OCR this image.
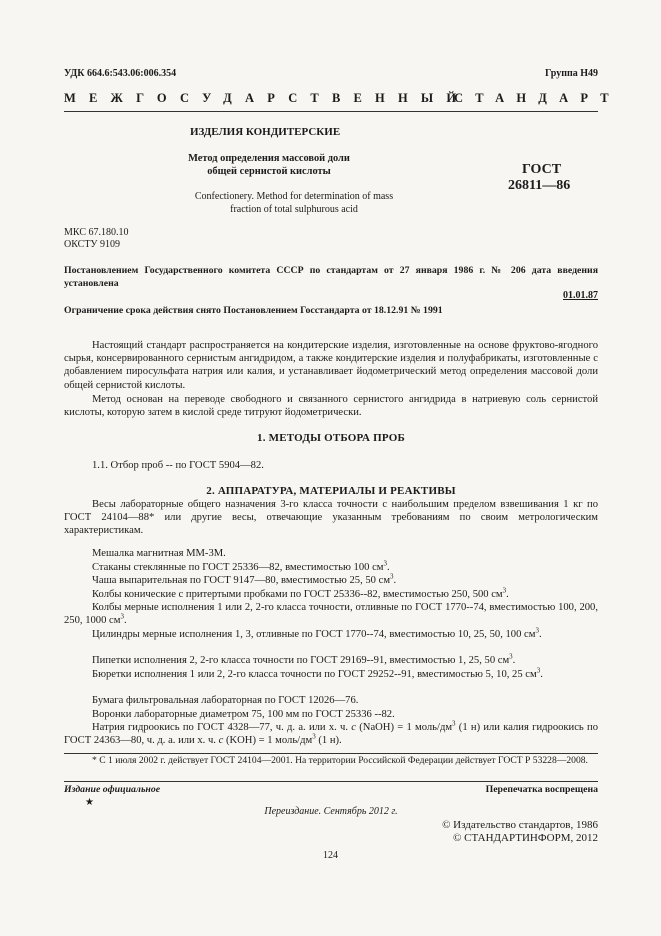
УДК 664.6:543.06:006.354	Группа Н49
МЕЖГОСУДАРСТВЕННЫЙ
СТАНДАРТ
ИЗДЕЛИЯ КОНДИТЕРСКИЕ
Метод определения массовой доли
общей сернистой кислоты	ГОСТ
26811—86
Confectionery. Method for determination of mass
fraction of total sulphurous acid
МКС 67.180.10
ОКСТУ 9109
Постановлением Государственного комитета СССР по стандартам от 27 января 1986 г. № 206 дата введения установлена
01.01.87
Ограничение срока действия снято Постановлением Госстандарта от 18.12.91 № 1991
Настоящий стандарт распространяется на кондитерские изделия, изготовленные на основе фруктово-ягодного сырья, консервированного сернистым ангидридом, а также кондитерские изделия и полуфабрикаты, изготовленные с добавлением пиросульфата натрия или калия, и устанавливает йодометрический метод определения массовой доли общей сернистой кислоты.
Метод основан на переводе свободного и связанного сернистого ангидрида в натриевую соль сернистой кислоты, которую затем в кислой среде титруют йодометрически.
1. МЕТОДЫ ОТБОРА ПРОБ
1.1. Отбор проб -- по ГОСТ 5904—82.
2. АППАРАТУРА, МАТЕРИАЛЫ И РЕАКТИВЫ
Весы лабораторные общего назначения 3-го класса точности с наибольшим пределом взвешивания 1 кг по ГОСТ 24104—88* или другие весы, отвечающие указанным требованиям по своим метрологическим характеристикам.
Мешалка магнитная ММ-3М.
Стаканы стеклянные по ГОСТ 25336—82, вместимостью 100 $см^3$.
Чаша выпарительная по ГОСТ 9147—80, вместимостью 25, 50 $см^3$.
Колбы конические с притертыми пробками по ГОСТ 25336--82, вместимостью 250, 500 $см^3$.
Колбы мерные исполнения 1 или 2, 2-го класса точности, отливные по ГОСТ 1770--74, вместимостью 100, 200, 250, 1000 $см^3$.
Цилиндры мерные исполнения 1, 3, отливные по ГОСТ 1770--74, вместимостью 10, 25, 50, 100 $см^3$.
Пипетки исполнения 2, 2-го класса точности по ГОСТ 29169--91, вместимостью 1, 25, 50 $см^3$.
Бюретки исполнения 1 или 2, 2-го класса точности по ГОСТ 29252--91, вместимостью 5, 10, 25 $см^3$.
Бумага фильтровальная лабораторная по ГОСТ 12026—76.
Воронки лабораторные диаметром 75, 100 мм по ГОСТ 25336 --82.
Натрия гидроокись по ГОСТ 4328—77, ч. д. а. или х. ч. c (NaOH) = 1 моль/$дм^3$ (1 н) или калия гидроокись по ГОСТ 24363—80, ч. д. а. или х. ч. c (KOH) = 1 моль/$дм^3$ (1 н).
* С 1 июля 2002 г. действует ГОСТ 24104—2001. На территории Российской Федерации действует ГОСТ Р 53228—2008.
Издание официальное
★
Перепечатка воспрещена
Переиздание. Сентябрь 2012 г.
© Издательство стандартов, 1986
© СТАНДАРТИНФОРМ, 2012
124
